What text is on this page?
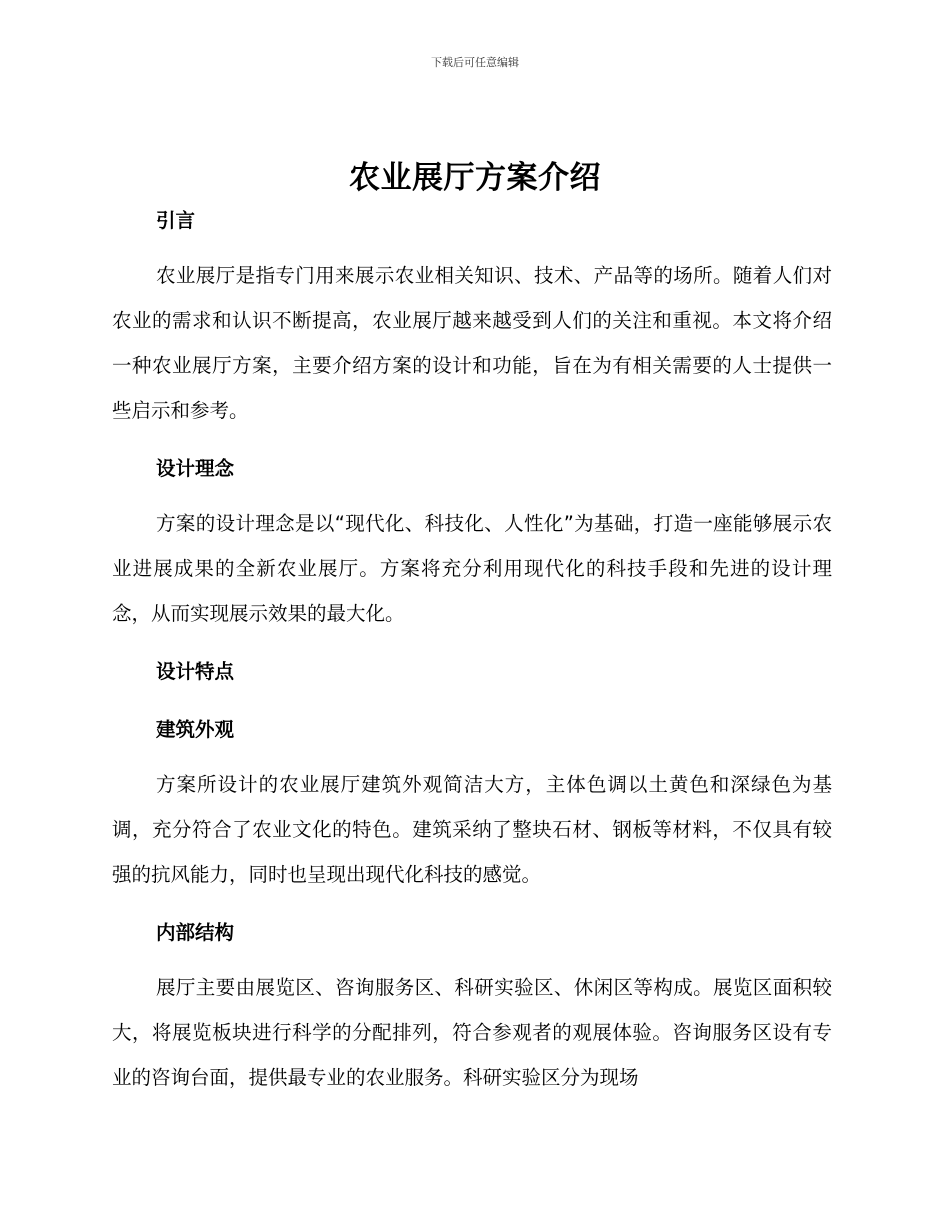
下载后可任意编辑
农业展厅方案介绍
引言

农业展厅是指专门用来展示农业相关知识、技术、产品等的场所。随着人们对农业的需求和认识不断提高，农业展厅越来越受到人们的关注和重视。本文将介绍一种农业展厅方案，主要介绍方案的设计和功能，旨在为有相关需要的人士提供一些启示和参考。

设计理念

方案的设计理念是以“现代化、科技化、人性化”为基础，打造一座能够展示农业进展成果的全新农业展厅。方案将充分利用现代化的科技手段和先进的设计理念，从而实现展示效果的最大化。

设计特点
建筑外观

方案所设计的农业展厅建筑外观简洁大方，主体色调以土黄色和深绿色为基调，充分符合了农业文化的特色。建筑采纳了整块石材、钢板等材料，不仅具有较强的抗风能力，同时也呈现出现代化科技的感觉。

内部结构

展厅主要由展览区、咨询服务区、科研实验区、休闲区等构成。展览区面积较大，将展览板块进行科学的分配排列，符合参观者的观展体验。咨询服务区设有专业的咨询台面，提供最专业的农业服务。科研实验区分为现场
